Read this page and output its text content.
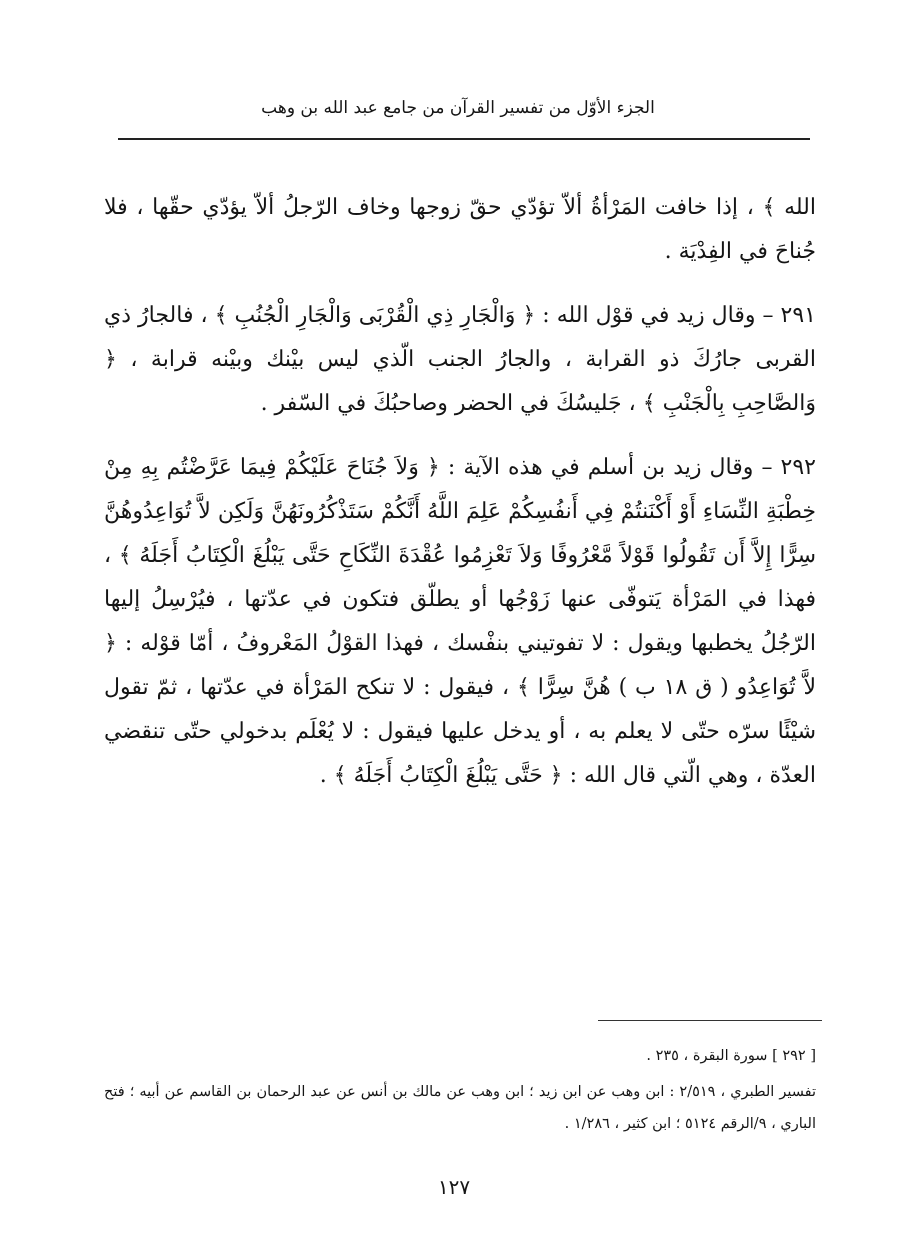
الجزء الأوّل من تفسير القرآن من جامع عبد الله بن وهب

الله ﴾ ، إذا خافت المَرْأةُ ألاّ تؤدّي حقّ زوجها وخاف الرّجلُ ألاّ يؤدّي حقّها ، فلا جُناحَ في الفِدْيَة .

٢٩١ – وقال زيد في قوْل الله : ﴿ وَالْجَارِ ذِي الْقُرْبَى وَالْجَارِ الْجُنُبِ ﴾ ، فالجارُ ذي القربى جارُكَ ذو القرابة ، والجارُ الجنب الّذي ليس بيْنك وبيْنه قرابة ، ﴿ وَالصَّاحِبِ بِالْجَنْبِ ﴾ ، جَليسُكَ في الحضر وصاحبُكَ في السّفر .

٢٩٢ – وقال زيد بن أسلم في هذه الآية : ﴿ وَلاَ جُنَاحَ عَلَيْكُمْ فِيمَا عَرَّضْتُم بِهِ مِنْ خِطْبَةِ النِّسَاءِ أَوْ أَكْنَنتُمْ فِي أَنفُسِكُمْ عَلِمَ اللَّهُ أَنَّكُمْ سَتَذْكُرُونَهُنَّ وَلَكِن لاَّ تُوَاعِدُوهُنَّ سِرًّا إِلاَّ أَن تَقُولُوا قَوْلاً مَّعْرُوفًا وَلاَ تَعْزِمُوا عُقْدَةَ النِّكَاحِ حَتَّى يَبْلُغَ الْكِتَابُ أَجَلَهُ ﴾ ، فهذا في المَرْأة يَتوفّى عنها زَوْجُها أو يطلّق فتكون في عدّتها ، فيُرْسِلُ إليها الرّجُلُ يخطبها ويقول : لا تفوتيني بنفْسك ، فهذا القوْلُ المَعْروفُ ، أمّا قوْله : ﴿ لاَّ تُوَاعِدُو ( ق ١٨ ب ) هُنَّ سِرًّا ﴾ ، فيقول : لا تنكح المَرْأة في عدّتها ، ثمّ تقول شيْئًا سرّه حتّى لا يعلم به ، أو يدخل عليها فيقول : لا يُعْلَم بدخولي حتّى تنقضي العدّة ، وهي الّتي قال الله : ﴿ حَتَّى يَبْلُغَ الْكِتَابُ أَجَلَهُ ﴾ .

[ ٢٩٢ ] سورة البقرة ، ٢٣٥ .

تفسير الطبري ، ٢/٥١٩ : ابن وهب عن ابن زيد ؛ ابن وهب عن مالك بن أنس عن عبد الرحمان بن القاسم عن أبيه ؛ فتح الباري ، ٩/الرقم ٥١٢٤ ؛ ابن كثير ، ١/٢٨٦ .

١٢٧
